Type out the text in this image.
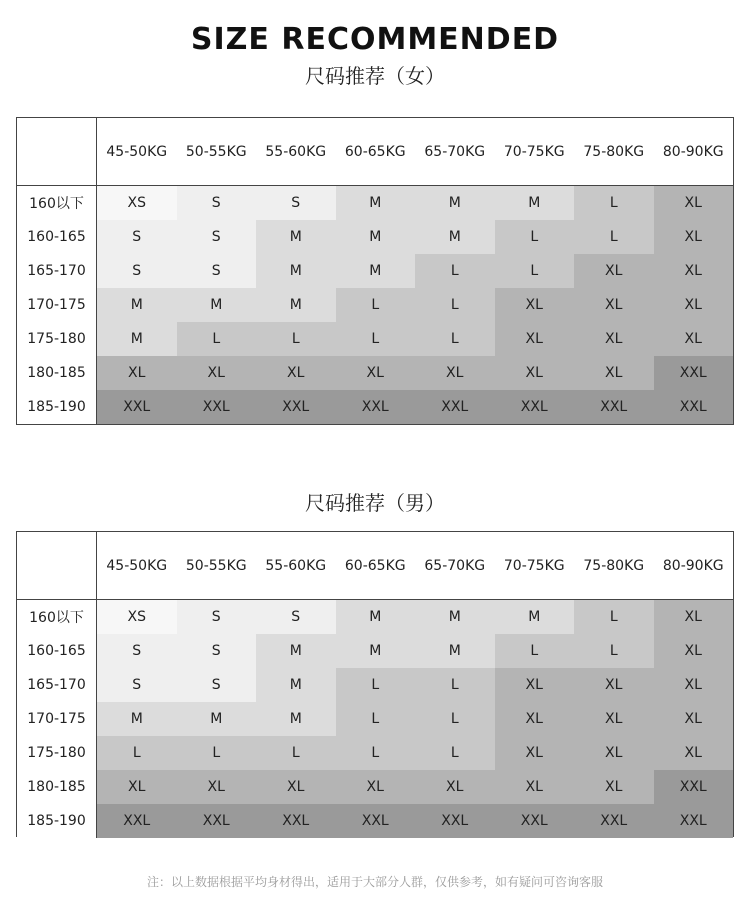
SIZE RECOMMENDED
尺码推荐（女）
45-50KG	50-55KG	55-60KG	60-65KG	65-70KG	70-75KG	75-80KG	80-90KG
160以下	XS	S	S	M	M	M	L	XL
160-165	S	S	M	M	M	L	L	XL
165-170	S	S	M	M	L	L	XL	XL
170-175	M	M	M	L	L	XL	XL	XL
175-180	M	L	L	L	L	XL	XL	XL
180-185	XL	XL	XL	XL	XL	XL	XL	XXL
185-190	XXL	XXL	XXL	XXL	XXL	XXL	XXL	XXL
尺码推荐（男）
45-50KG	50-55KG	55-60KG	60-65KG	65-70KG	70-75KG	75-80KG	80-90KG
160以下	XS	S	S	M	M	M	L	XL
160-165	S	S	M	M	M	L	L	XL
165-170	S	S	M	L	L	XL	XL	XL
170-175	M	M	M	L	L	XL	XL	XL
175-180	L	L	L	L	L	XL	XL	XL
180-185	XL	XL	XL	XL	XL	XL	XL	XXL
185-190	XXL	XXL	XXL	XXL	XXL	XXL	XXL	XXL
注：以上数据根据平均身材得出，适用于大部分人群，仅供参考，如有疑问可咨询客服
